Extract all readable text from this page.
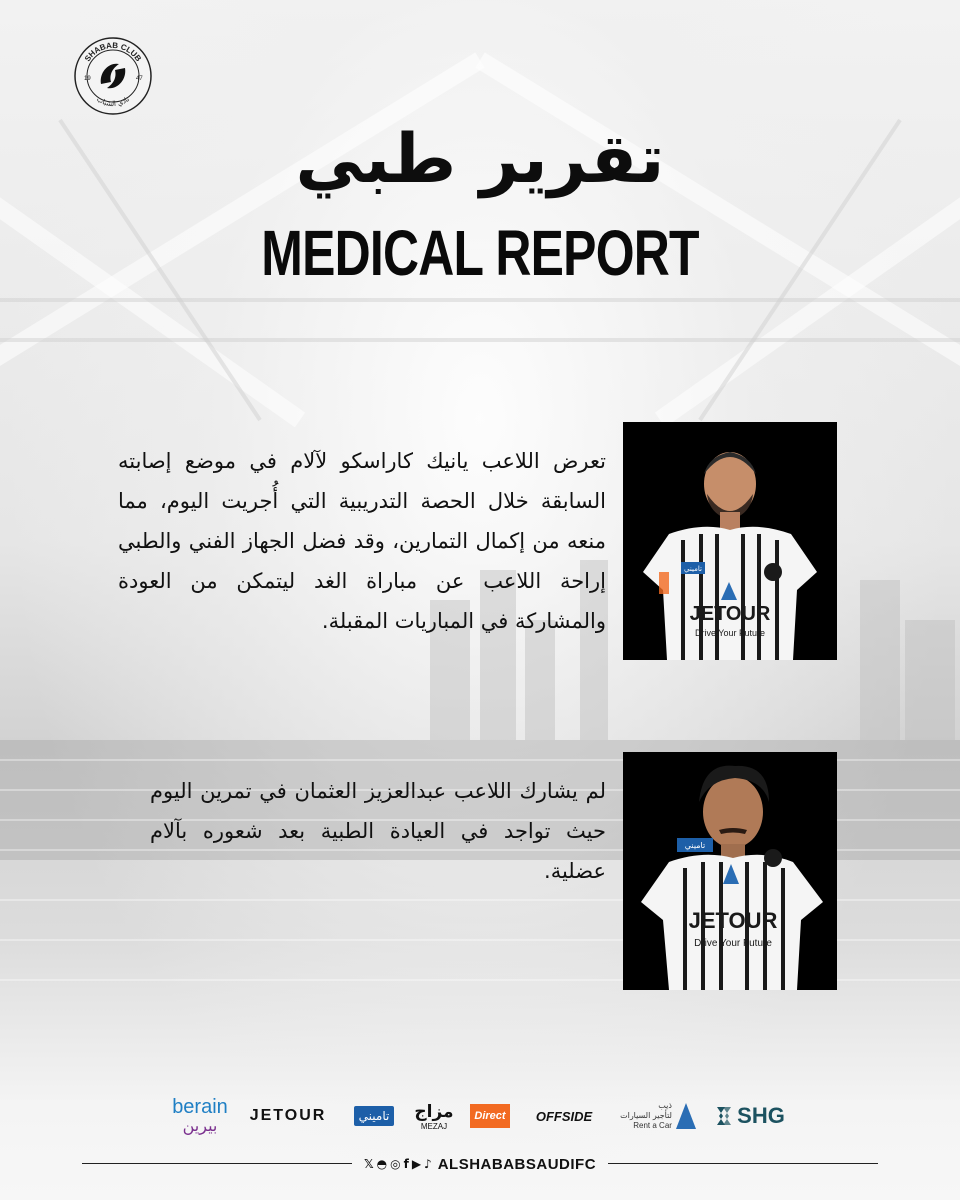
SHABAB CLUB
نادي الشباب
19	47
تقرير طبي
MEDICAL REPORT

تعرض اللاعب يانيك كاراسكو لآلام في موضع إصابته السابقة خلال الحصة التدريبية التي أُجريت اليوم، مما منعه من إكمال التمارين، وقد فضل الجهاز الفني والطبي إراحة اللاعب عن مباراة الغد ليتمكن من العودة والمشاركة في المباريات المقبلة.

تاميني
JETOUR
Drive Your Future

لم يشارك اللاعب عبدالعزيز العثمان في تمرين اليوم حيث تواجد في العيادة الطبية بعد شعوره بآلام عضلية.

تاميني
JETOUR
Drive Your Future
berain
بيرين
JETOUR	تاميني مزاج
MEZAJ
Direct	OFFSIDE
ذيب
لتأجير السيارات
Rent a Car	SHG
𝕏 ◓ ◎ f ▶ ♪ ALSHABABSAUDIFC
